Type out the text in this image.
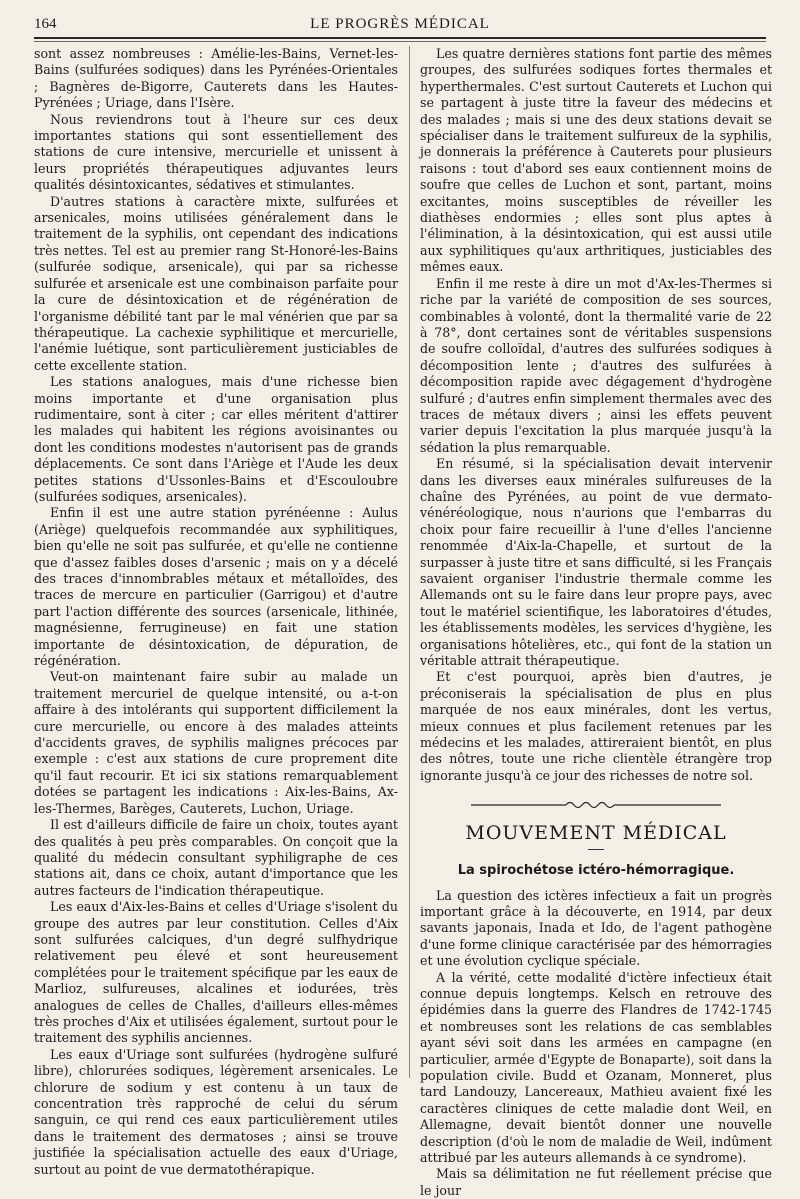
164	LE PROGRÈS MÉDICAL

sont assez nombreuses : Amélie-les-Bains, Vernet-les-Bains (sulfurées sodiques) dans les Pyrénées-Orientales ; Bagnères de-Bigorre, Cauterets dans les Hautes-Pyrénées ; Uriage, dans l'Isère.

Nous reviendrons tout à l'heure sur ces deux importantes stations qui sont essentiellement des stations de cure intensive, mercurielle et unissent à leurs propriétés thérapeutiques adjuvantes leurs qualités désintoxicantes, sédatives et stimulantes.

D'autres stations à caractère mixte, sulfurées et arsenicales, moins utilisées généralement dans le traitement de la syphilis, ont cependant des indications très nettes. Tel est au premier rang St-Honoré-les-Bains (sulfurée sodique, arsenicale), qui par sa richesse sulfurée et arsenicale est une combinaison parfaite pour la cure de désintoxication et de régénération de l'organisme débilité tant par le mal vénérien que par sa thérapeutique. La cachexie syphilitique et mercurielle, l'anémie luétique, sont particulièrement justiciables de cette excellente station.

Les stations analogues, mais d'une richesse bien moins importante et d'une organisation plus rudimentaire, sont à citer ; car elles méritent d'attirer les malades qui habitent les régions avoisinantes ou dont les conditions modestes n'autorisent pas de grands déplacements. Ce sont dans l'Ariège et l'Aude les deux petites stations d'Ussonles-Bains et d'Escouloubre (sulfurées sodiques, arsenicales).

Enfin il est une autre station pyrénéenne : Aulus (Ariège) quelquefois recommandée aux syphilitiques, bien qu'elle ne soit pas sulfurée, et qu'elle ne contienne que d'assez faibles doses d'arsenic ; mais on y a décelé des traces d'innombrables métaux et métalloïdes, des traces de mercure en particulier (Garrigou) et d'autre part l'action différente des sources (arsenicale, lithinée, magnésienne, ferrugineuse) en fait une station importante de désintoxication, de dépuration, de régénération.

Veut-on maintenant faire subir au malade un traitement mercuriel de quelque intensité, ou a-t-on affaire à des intolérants qui supportent difficilement la cure mercurielle, ou encore à des malades atteints d'accidents graves, de syphilis malignes précoces par exemple : c'est aux stations de cure proprement dite qu'il faut recourir. Et ici six stations remarquablement dotées se partagent les indications : Aix-les-Bains, Ax-les-Thermes, Barèges, Cauterets, Luchon, Uriage.

Il est d'ailleurs difficile de faire un choix, toutes ayant des qualités à peu près comparables. On conçoit que la qualité du médecin consultant syphiligraphe de ces stations ait, dans ce choix, autant d'importance que les autres facteurs de l'indication thérapeutique.

Les eaux d'Aix-les-Bains et celles d'Uriage s'isolent du groupe des autres par leur constitution. Celles d'Aix sont sulfurées calciques, d'un degré sulfhydrique relativement peu élevé et sont heureusement complétées pour le traitement spécifique par les eaux de Marlioz, sulfureuses, alcalines et iodurées, très analogues de celles de Challes, d'ailleurs elles-mêmes très proches d'Aix et utilisées également, surtout pour le traitement des syphilis anciennes.

Les eaux d'Uriage sont sulfurées (hydrogène sulfuré libre), chlorurées sodiques, légèrement arsenicales. Le chlorure de sodium y est contenu à un taux de concentration très rapproché de celui du sérum sanguin, ce qui rend ces eaux particulièrement utiles dans le traitement des dermatoses ; ainsi se trouve justifiée la spécialisation actuelle des eaux d'Uriage, surtout au point de vue dermatothérapique.

Les quatre dernières stations font partie des mêmes groupes, des sulfurées sodiques fortes thermales et hyperthermales. C'est surtout Cauterets et Luchon qui se partagent à juste titre la faveur des médecins et des malades ; mais si une des deux stations devait se spécialiser dans le traitement sulfureux de la syphilis, je donnerais la préférence à Cauterets pour plusieurs raisons : tout d'abord ses eaux contiennent moins de soufre que celles de Luchon et sont, partant, moins excitantes, moins susceptibles de réveiller les diathèses endormies ; elles sont plus aptes à l'élimination, à la désintoxication, qui est aussi utile aux syphilitiques qu'aux arthritiques, justiciables des mêmes eaux.

Enfin il me reste à dire un mot d'Ax-les-Thermes si riche par la variété de composition de ses sources, combinables à volonté, dont la thermalité varie de 22 à 78°, dont certaines sont de véritables suspensions de soufre colloïdal, d'autres des sulfurées sodiques à décomposition lente ; d'autres des sulfurées à décomposition rapide avec dégagement d'hydrogène sulfuré ; d'autres enfin simplement thermales avec des traces de métaux divers ; ainsi les effets peuvent varier depuis l'excitation la plus marquée jusqu'à la sédation la plus remarquable.

En résumé, si la spécialisation devait intervenir dans les diverses eaux minérales sulfureuses de la chaîne des Pyrénées, au point de vue dermato-vénéréologique, nous n'aurions que l'embarras du choix pour faire recueillir à l'une d'elles l'ancienne renommée d'Aix-la-Chapelle, et surtout de la surpasser à juste titre et sans difficulté, si les Français savaient organiser l'industrie thermale comme les Allemands ont su le faire dans leur propre pays, avec tout le matériel scientifique, les laboratoires d'études, les établissements modèles, les services d'hygiène, les organisations hôtelières, etc., qui font de la station un véritable attrait thérapeutique.

Et c'est pourquoi, après bien d'autres, je préconiserais la spécialisation de plus en plus marquée de nos eaux minérales, dont les vertus, mieux connues et plus facilement retenues par les médecins et les malades, attireraient bientôt, en plus des nôtres, toute une riche clientèle étrangère trop ignorante jusqu'à ce jour des richesses de notre sol.

MOUVEMENT MÉDICAL
La spirochétose ictéro-hémorragique.

La question des ictères infectieux a fait un progrès important grâce à la découverte, en 1914, par deux savants japonais, Inada et Ido, de l'agent pathogène d'une forme clinique caractérisée par des hémorragies et une évolution cyclique spéciale.

A la vérité, cette modalité d'ictère infectieux était connue depuis longtemps. Kelsch en retrouve des épidémies dans la guerre des Flandres de 1742-1745 et nombreuses sont les relations de cas semblables ayant sévi soit dans les armées en campagne (en particulier, armée d'Egypte de Bonaparte), soit dans la population civile. Budd et Ozanam, Monneret, plus tard Landouzy, Lancereaux, Mathieu avaient fixé les caractères cliniques de cette maladie dont Weil, en Allemagne, devait bientôt donner une nouvelle description (d'où le nom de maladie de Weil, indûment attribué par les auteurs allemands à ce syndrome).

Mais sa délimitation ne fut réellement précise que le jour
